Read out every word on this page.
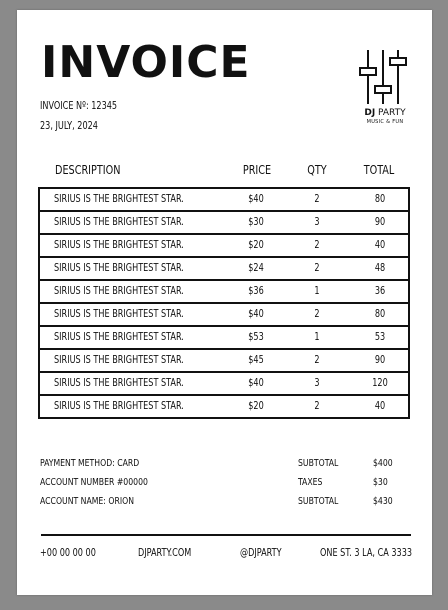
INVOICE
INVOICE Nº: 12345
23, JULY, 2024
DJ PARTY
MUSIC & FUN
DESCRIPTION	PRICE	QTY	TOTAL
SIRIUS IS THE BRIGHTEST STAR.	$40	2	80
SIRIUS IS THE BRIGHTEST STAR.	$30	3	90
SIRIUS IS THE BRIGHTEST STAR.	$20	2	40
SIRIUS IS THE BRIGHTEST STAR.	$24	2	48
SIRIUS IS THE BRIGHTEST STAR.	$36	1	36
SIRIUS IS THE BRIGHTEST STAR.	$40	2	80
SIRIUS IS THE BRIGHTEST STAR.	$53	1	53
SIRIUS IS THE BRIGHTEST STAR.	$45	2	90
SIRIUS IS THE BRIGHTEST STAR.	$40	3	120
SIRIUS IS THE BRIGHTEST STAR.	$20	2	40
PAYMENT METHOD: CARD
ACCOUNT NUMBER #00000
ACCOUNT NAME: ORION
SUBTOTAL	$400
TAXES	$30
SUBTOTAL	$430
+00 00 00 00	DJPARTY.COM	@DJPARTY	ONE ST. 3 LA, CA 3333
